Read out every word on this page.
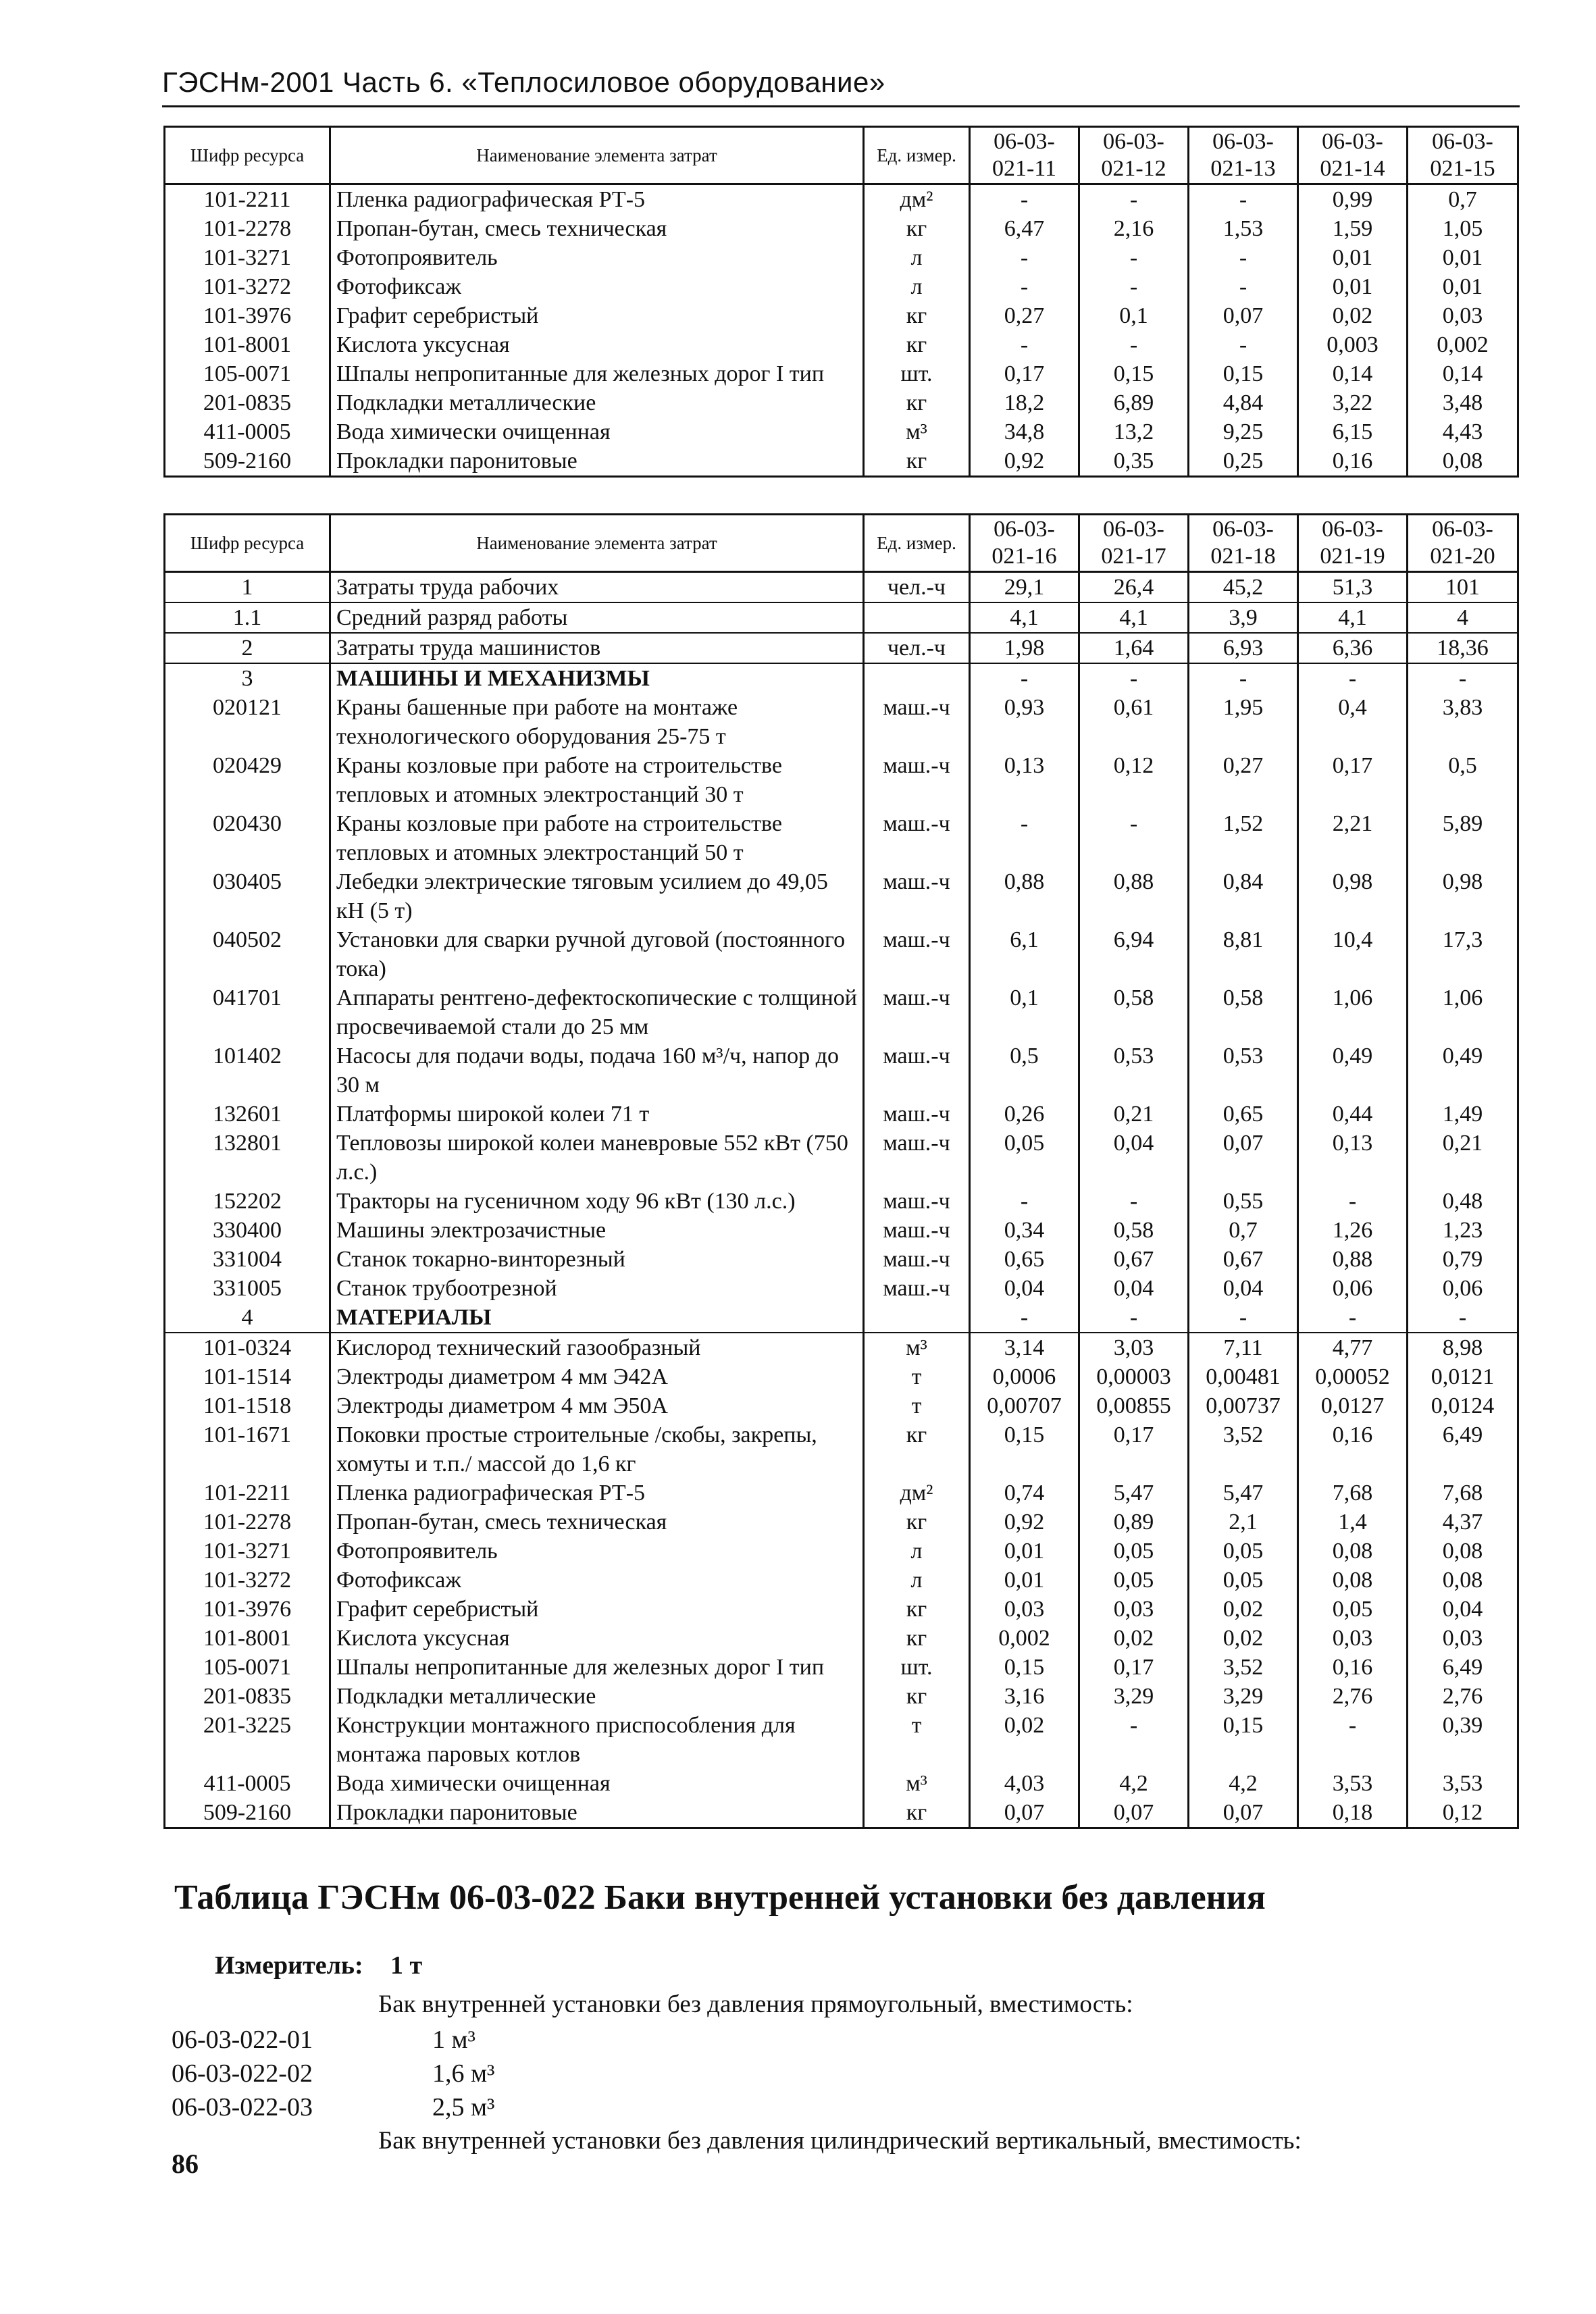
ГЭСНм-2001 Часть 6. «Теплосиловое оборудование»
Шифр ресурса	Наименование элемента затрат	Ед. измер.	06-03-021-11	06-03-021-12	06-03-021-13	06-03-021-14	06-03-021-15
101-2211	Пленка радиографическая РТ-5	дм²	-	-	-	0,99	0,7
101-2278	Пропан-бутан, смесь техническая	кг	6,47	2,16	1,53	1,59	1,05
101-3271	Фотопроявитель	л	-	-	-	0,01	0,01
101-3272	Фотофиксаж	л	-	-	-	0,01	0,01
101-3976	Графит серебристый	кг	0,27	0,1	0,07	0,02	0,03
101-8001	Кислота уксусная	кг	-	-	-	0,003	0,002
105-0071	Шпалы непропитанные для железных дорог I тип	шт.	0,17	0,15	0,15	0,14	0,14
201-0835	Подкладки металлические	кг	18,2	6,89	4,84	3,22	3,48
411-0005	Вода химически очищенная	м³	34,8	13,2	9,25	6,15	4,43
509-2160	Прокладки паронитовые	кг	0,92	0,35	0,25	0,16	0,08
Шифр ресурса	Наименование элемента затрат	Ед. измер.	06-03-021-16	06-03-021-17	06-03-021-18	06-03-021-19	06-03-021-20
1	Затраты труда рабочих	чел.-ч	29,1	26,4	45,2	51,3	101
1.1	Средний разряд работы		4,1	4,1	3,9	4,1	4
2	Затраты труда машинистов	чел.-ч	1,98	1,64	6,93	6,36	18,36
3	МАШИНЫ И МЕХАНИЗМЫ		-	-	-	-	-
020121	Краны башенные при работе на монтаже технологического оборудования 25-75 т	маш.-ч	0,93	0,61	1,95	0,4	3,83
020429	Краны козловые при работе на строительстве тепловых и атомных электростанций 30 т	маш.-ч	0,13	0,12	0,27	0,17	0,5
020430	Краны козловые при работе на строительстве тепловых и атомных электростанций 50 т	маш.-ч	-	-	1,52	2,21	5,89
030405	Лебедки электрические тяговым усилием до 49,05 кН (5 т)	маш.-ч	0,88	0,88	0,84	0,98	0,98
040502	Установки для сварки ручной дуговой (постоянного тока)	маш.-ч	6,1	6,94	8,81	10,4	17,3
041701	Аппараты рентгено-дефектоскопические с толщиной просвечиваемой стали до 25 мм	маш.-ч	0,1	0,58	0,58	1,06	1,06
101402	Насосы для подачи воды, подача 160 м³/ч, напор до 30 м	маш.-ч	0,5	0,53	0,53	0,49	0,49
132601	Платформы широкой колеи 71 т	маш.-ч	0,26	0,21	0,65	0,44	1,49
132801	Тепловозы широкой колеи маневровые 552 кВт (750 л.с.)	маш.-ч	0,05	0,04	0,07	0,13	0,21
152202	Тракторы на гусеничном ходу 96 кВт (130 л.с.)	маш.-ч	-	-	0,55	-	0,48
330400	Машины электрозачистные	маш.-ч	0,34	0,58	0,7	1,26	1,23
331004	Станок токарно-винторезный	маш.-ч	0,65	0,67	0,67	0,88	0,79
331005	Станок трубоотрезной	маш.-ч	0,04	0,04	0,04	0,06	0,06
4	МАТЕРИАЛЫ		-	-	-	-	-
101-0324	Кислород технический газообразный	м³	3,14	3,03	7,11	4,77	8,98
101-1514	Электроды диаметром 4 мм Э42А	т	0,0006	0,00003	0,00481	0,00052	0,0121
101-1518	Электроды диаметром 4 мм Э50А	т	0,00707	0,00855	0,00737	0,0127	0,0124
101-1671	Поковки простые строительные /скобы, закрепы, хомуты и т.п./ массой до 1,6 кг	кг	0,15	0,17	3,52	0,16	6,49
101-2211	Пленка радиографическая РТ-5	дм²	0,74	5,47	5,47	7,68	7,68
101-2278	Пропан-бутан, смесь техническая	кг	0,92	0,89	2,1	1,4	4,37
101-3271	Фотопроявитель	л	0,01	0,05	0,05	0,08	0,08
101-3272	Фотофиксаж	л	0,01	0,05	0,05	0,08	0,08
101-3976	Графит серебристый	кг	0,03	0,03	0,02	0,05	0,04
101-8001	Кислота уксусная	кг	0,002	0,02	0,02	0,03	0,03
105-0071	Шпалы непропитанные для железных дорог I тип	шт.	0,15	0,17	3,52	0,16	6,49
201-0835	Подкладки металлические	кг	3,16	3,29	3,29	2,76	2,76
201-3225	Конструкции монтажного приспособления для монтажа паровых котлов	т	0,02	-	0,15	-	0,39
411-0005	Вода химически очищенная	м³	4,03	4,2	4,2	3,53	3,53
509-2160	Прокладки паронитовые	кг	0,07	0,07	0,07	0,18	0,12
Таблица ГЭСНм 06-03-022 Баки внутренней установки без давления
Измеритель: 1 т
Бак внутренней установки без давления прямоугольный, вместимость:
06-03-022-01	1 м³
06-03-022-02	1,6 м³
06-03-022-03	2,5 м³
Бак внутренней установки без давления цилиндрический вертикальный, вместимость:
86
